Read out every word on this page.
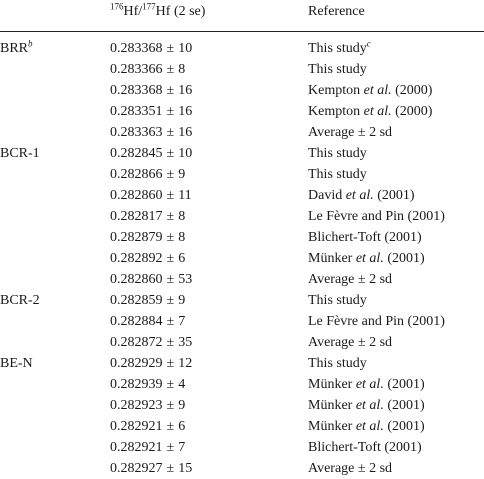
	$^{176}$Hf/$^{177}$Hf (2 se)	Reference
BRR$^b$	0.283368 ± 10	This study$^c$
	0.283366 ± 8	This study
	0.283368 ± 16	Kempton et al. (2000)
	0.283351 ± 16	Kempton et al. (2000)
	0.283363 ± 16	Average ± 2 sd
BCR-1	0.282845 ± 10	This study
	0.282866 ± 9	This study
	0.282860 ± 11	David et al. (2001)
	0.282817 ± 8	Le Fèvre and Pin (2001)
	0.282879 ± 8	Blichert-Toft (2001)
	0.282892 ± 6	Münker et al. (2001)
	0.282860 ± 53	Average ± 2 sd
BCR-2	0.282859 ± 9	This study
	0.282884 ± 7	Le Fèvre and Pin (2001)
	0.282872 ± 35	Average ± 2 sd
BE-N	0.282929 ± 12	This study
	0.282939 ± 4	Münker et al. (2001)
	0.282923 ± 9	Münker et al. (2001)
	0.282921 ± 6	Münker et al. (2001)
	0.282921 ± 7	Blichert-Toft (2001)
	0.282927 ± 15	Average ± 2 sd
